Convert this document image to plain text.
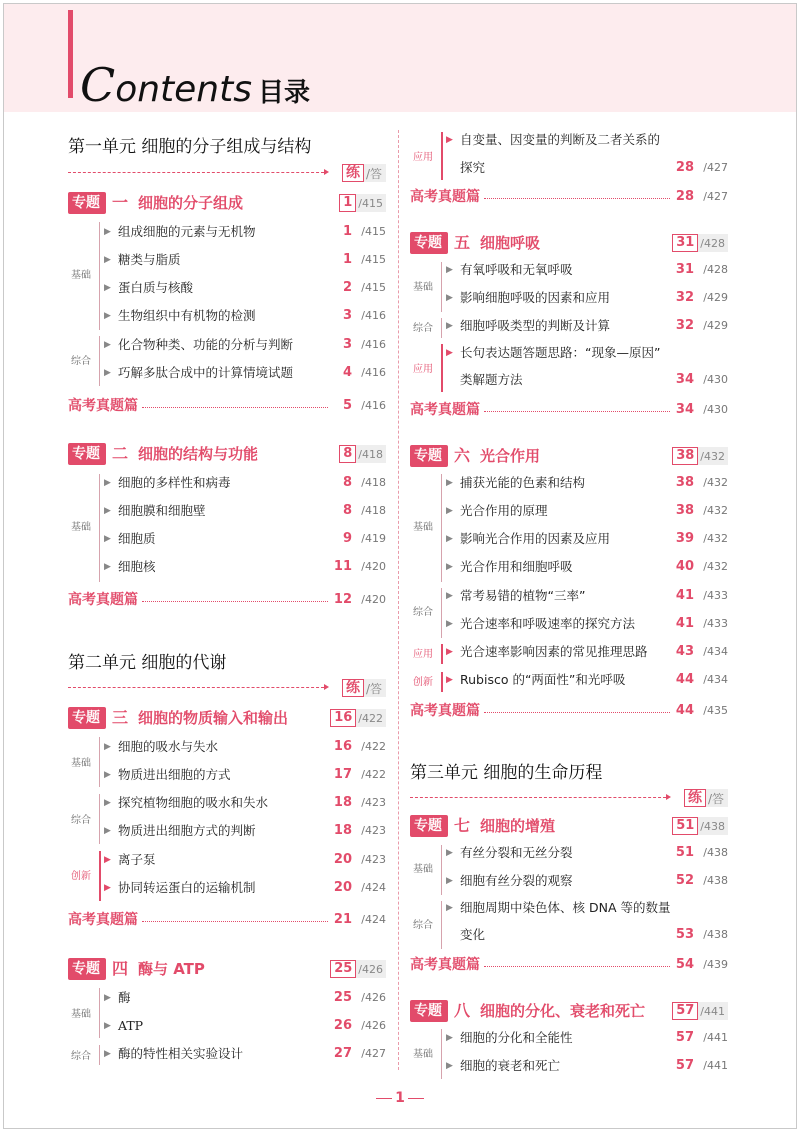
Contents 目录
第一单元 细胞的分子组成与结构
练 /答
专题 一 细胞的分子组成	1 /415
基础
▶ 组成细胞的元素与无机物	1 /415
▶ 糖类与脂质	1 /415
▶ 蛋白质与核酸	2 /415
▶ 生物组织中有机物的检测	3 /416
综合
▶ 化合物种类、功能的分析与判断	3 /416
▶ 巧解多肽合成中的计算情境试题	4 /416
高考真题篇	5 /416
专题 二 细胞的结构与功能	8 /418
基础
▶ 细胞的多样性和病毒	8 /418
▶ 细胞膜和细胞壁	8 /418
▶ 细胞质	9 /419
▶ 细胞核	11 /420
高考真题篇	12 /420
第二单元 细胞的代谢
练 /答
专题 三 细胞的物质输入和输出	16 /422
基础
▶ 细胞的吸水与失水	16 /422
▶ 物质进出细胞的方式	17 /422
综合
▶ 探究植物细胞的吸水和失水	18 /423
▶ 物质进出细胞方式的判断	18 /423
创新
▶ 离子泵	20 /423
▶ 协同转运蛋白的运输机制	20 /424
高考真题篇	21 /424
专题 四 酶与 ATP	25 /426
基础
▶ 酶	25 /426
▶ ATP	26 /426
综合	▶ 酶的特性相关实验设计	27 /427
应用
▶ 自变量、因变量的判断及二者关系的
探究	28 /427
高考真题篇	28 /427
专题 五 细胞呼吸	31 /428
基础
▶ 有氧呼吸和无氧呼吸	31 /428
▶ 影响细胞呼吸的因素和应用	32 /429
综合	▶ 细胞呼吸类型的判断及计算	32 /429
应用
▶ 长句表达题答题思路：“现象—原因”
类解题方法	34 /430
高考真题篇	34 /430
专题 六 光合作用	38 /432
基础
▶ 捕获光能的色素和结构	38 /432
▶ 光合作用的原理	38 /432
▶ 影响光合作用的因素及应用	39 /432
▶ 光合作用和细胞呼吸	40 /432
综合
▶ 常考易错的植物“三率”	41 /433
▶ 光合速率和呼吸速率的探究方法	41 /433
应用	▶ 光合速率影响因素的常见推理思路 43 /434
创新	▶ Rubisco 的“两面性”和光呼吸	44 /434
高考真题篇	44 /435
第三单元 细胞的生命历程
练 /答
专题 七 细胞的增殖	51 /438
基础
▶ 有丝分裂和无丝分裂	51 /438
▶ 细胞有丝分裂的观察	52 /438
综合
▶ 细胞周期中染色体、核 DNA 等的数量
变化	53 /438
高考真题篇	54 /439
专题 八 细胞的分化、衰老和死亡	57 /441
基础
▶ 细胞的分化和全能性	57 /441
▶ 细胞的衰老和死亡	57 /441
1
